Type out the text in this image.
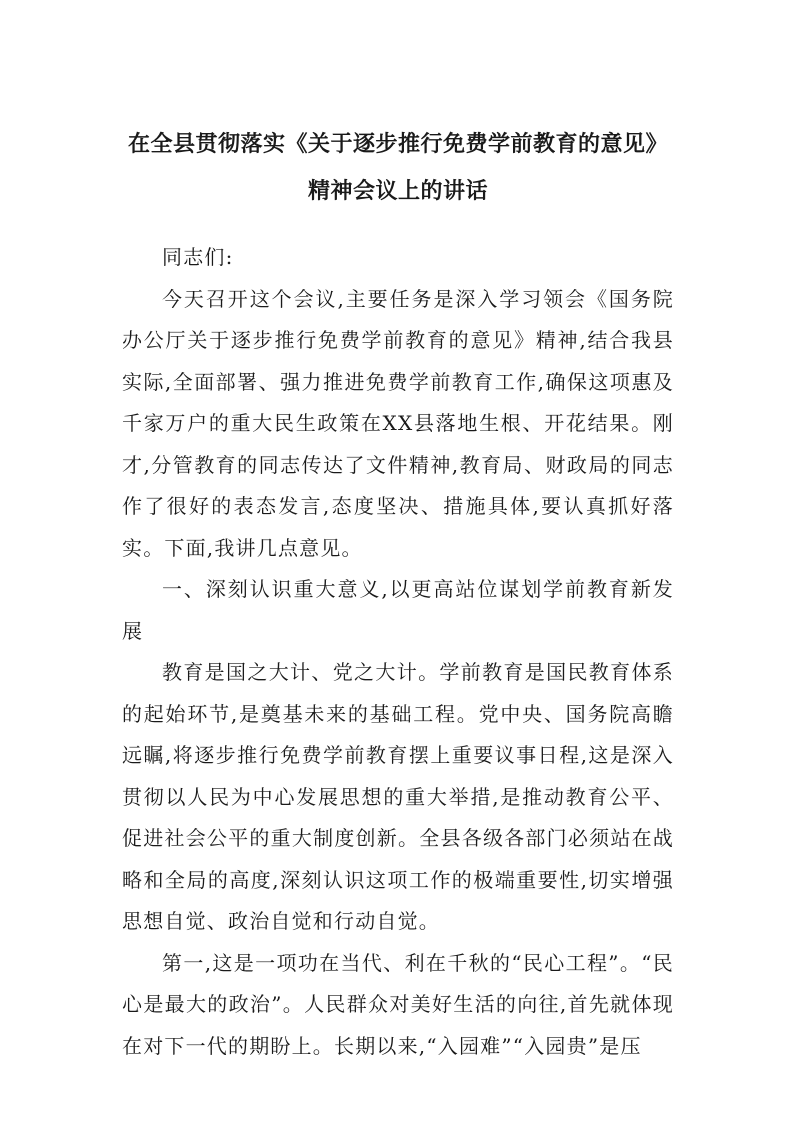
在全县贯彻落实《关于逐步推行免费学前教育的意见》
精神会议上的讲话

同志们:

今天召开这个会议,主要任务是深入学习领会《国务院办公厅关于逐步推行免费学前教育的意见》精神,结合我县实际,全面部署、强力推进免费学前教育工作,确保这项惠及千家万户的重大民生政策在XX县落地生根、开花结果。刚才,分管教育的同志传达了文件精神,教育局、财政局的同志作了很好的表态发言,态度坚决、措施具体,要认真抓好落实。下面,我讲几点意见。

一、深刻认识重大意义,以更高站位谋划学前教育新发展

教育是国之大计、党之大计。学前教育是国民教育体系的起始环节,是奠基未来的基础工程。党中央、国务院高瞻远瞩,将逐步推行免费学前教育摆上重要议事日程,这是深入贯彻以人民为中心发展思想的重大举措,是推动教育公平、促进社会公平的重大制度创新。全县各级各部门必须站在战略和全局的高度,深刻认识这项工作的极端重要性,切实增强思想自觉、政治自觉和行动自觉。

第一,这是一项功在当代、利在千秋的“民心工程”。“民心是最大的政治”。人民群众对美好生活的向往,首先就体现在对下一代的期盼上。长期以来,“入园难”“入园贵”是压
